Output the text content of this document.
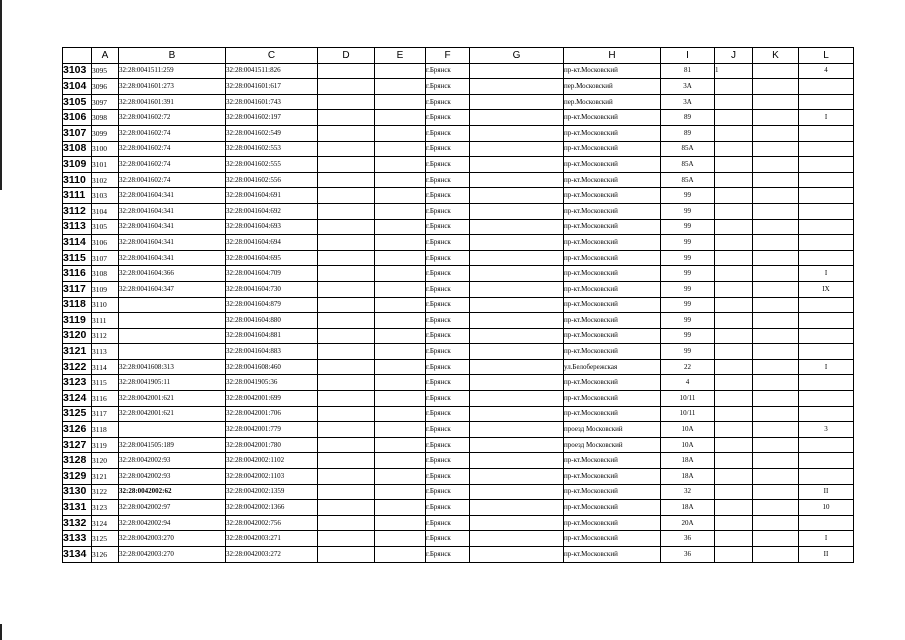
	A	B	C	D	E	F	G	H	I	J	K	L
3103	3095	32:28:0041511:259	32:28:0041511:826			г.Брянск		пр-кт.Московский	81	1		4
3104	3096	32:28:0041601:273	32:28:0041601:617			г.Брянск		пер.Московский	3А			
3105	3097	32:28:0041601:391	32:28:0041601:743			г.Брянск		пер.Московский	3А			
3106	3098	32:28:0041602:72	32:28:0041602:197			г.Брянск		пр-кт.Московский	89			I
3107	3099	32:28:0041602:74	32:28:0041602:549			г.Брянск		пр-кт.Московский	89			
3108	3100	32:28:0041602:74	32:28:0041602:553			г.Брянск		пр-кт.Московский	85А			
3109	3101	32:28:0041602:74	32:28:0041602:555			г.Брянск		пр-кт.Московский	85А			
3110	3102	32:28:0041602:74	32:28:0041602:556			г.Брянск		пр-кт.Московский	85А			
3111	3103	32:28:0041604:341	32:28:0041604:691			г.Брянск		пр-кт.Московский	99			
3112	3104	32:28:0041604:341	32:28:0041604:692			г.Брянск		пр-кт.Московский	99			
3113	3105	32:28:0041604:341	32:28:0041604:693			г.Брянск		пр-кт.Московский	99			
3114	3106	32:28:0041604:341	32:28:0041604:694			г.Брянск		пр-кт.Московский	99			
3115	3107	32:28:0041604:341	32:28:0041604:695			г.Брянск		пр-кт.Московский	99			
3116	3108	32:28:0041604:366	32:28:0041604:709			г.Брянск		пр-кт.Московский	99			I
3117	3109	32:28:0041604:347	32:28:0041604:730			г.Брянск		пр-кт.Московский	99			IX
3118	3110		32:28:0041604:879			г.Брянск		пр-кт.Московский	99			
3119	3111		32:28:0041604:880			г.Брянск		пр-кт.Московский	99			
3120	3112		32:28:0041604:881			г.Брянск		пр-кт.Московский	99			
3121	3113		32:28:0041604:883			г.Брянск		пр-кт.Московский	99			
3122	3114	32:28:0041608:313	32:28:0041608:460			г.Брянск		ул.Белобережская	22			I
3123	3115	32:28:0041905:11	32:28:0041905:36			г.Брянск		пр-кт.Московский	4			
3124	3116	32:28:0042001:621	32:28:0042001:699			г.Брянск		пр-кт.Московский	10/11			
3125	3117	32:28:0042001:621	32:28:0042001:706			г.Брянск		пр-кт.Московский	10/11			
3126	3118		32:28:0042001:779			г.Брянск		проезд Московский	10А			3
3127	3119	32:28:0041505:189	32:28:0042001:780			г.Брянск		проезд Московский	10А			
3128	3120	32:28:0042002:93	32:28:0042002:1102			г.Брянск		пр-кт.Московский	18А			
3129	3121	32:28:0042002:93	32:28:0042002:1103			г.Брянск		пр-кт.Московский	18А			
3130	3122	32:28:0042002:62	32:28:0042002:1359			г.Брянск		пр-кт.Московский	32			II
3131	3123	32:28:0042002:97	32:28:0042002:1366			г.Брянск		пр-кт.Московский	18А			10
3132	3124	32:28:0042002:94	32:28:0042002:756			г.Брянск		пр-кт.Московский	20А			
3133	3125	32:28:0042003:270	32:28:0042003:271			г.Брянск		пр-кт.Московский	36			I
3134	3126	32:28:0042003:270	32:28:0042003:272			г.Брянск		пр-кт.Московский	36			II
